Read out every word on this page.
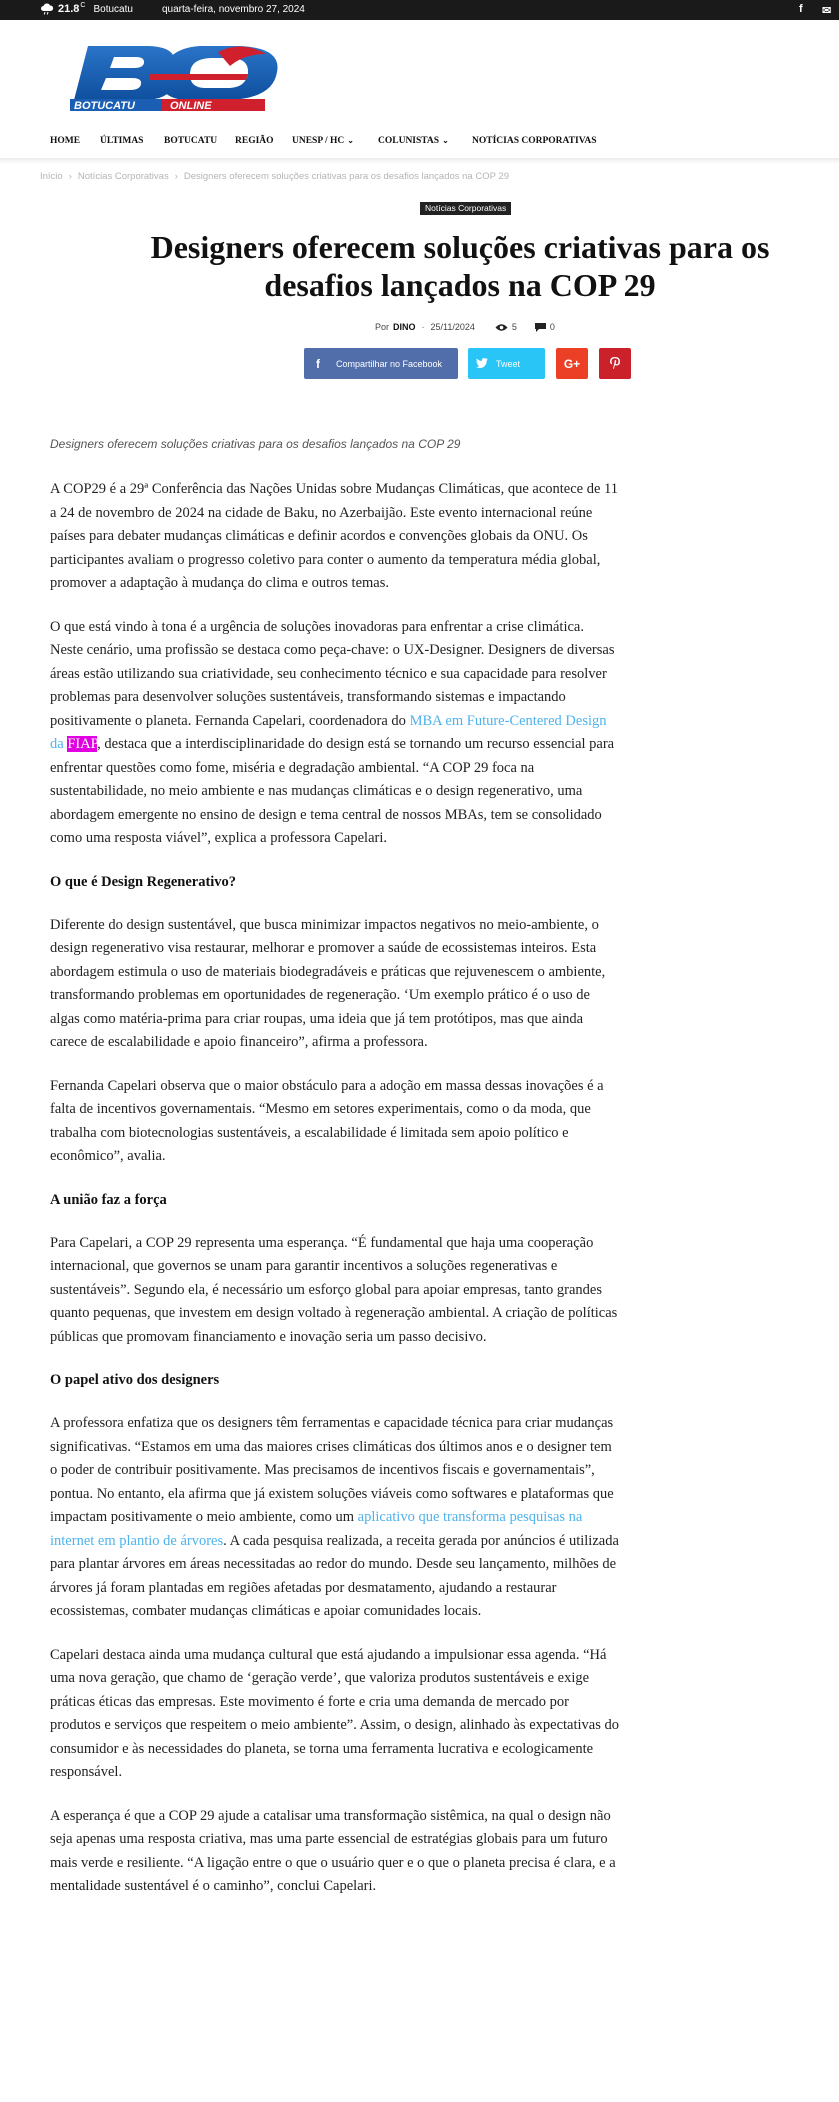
21.8 C Botucatu	quarta-feira, novembro 27, 2024	f ✉
BOTUCATU	ONLINE
HOME ÚLTIMAS BOTUCATU REGIÃO UNESP / HC ⌄	COLUNISTAS ⌄ NOTÍCIAS CORPORATIVAS
Início › Notícias Corporativas › Designers oferecem soluções criativas para os desafios lançados na COP 29
Notícias Corporativas
Designers oferecem soluções criativas para os desafios lançados na COP 29
Por DINO - 25/11/2024	5	0
f	Compartilhar no Facebook	Tweet	G+
Designers oferecem soluções criativas para os desafios lançados na COP 29

A COP29 é a 29ª Conferência das Nações Unidas sobre Mudanças Climáticas, que acontece de 11 a 24 de novembro de 2024 na cidade de Baku, no Azerbaijão. Este evento internacional reúne países para debater mudanças climáticas e definir acordos e convenções globais da ONU. Os participantes avaliam o progresso coletivo para conter o aumento da temperatura média global, promover a adaptação à mudança do clima e outros temas.

O que está vindo à tona é a urgência de soluções inovadoras para enfrentar a crise climática. Neste cenário, uma profissão se destaca como peça-chave: o UX-Designer. Designers de diversas áreas estão utilizando sua criatividade, seu conhecimento técnico e sua capacidade para resolver problemas para desenvolver soluções sustentáveis, transformando sistemas e impactando positivamente o planeta. Fernanda Capelari, coordenadora do MBA em Future-Centered Design da FIAP, destaca que a interdisciplinaridade do design está se tornando um recurso essencial para enfrentar questões como fome, miséria e degradação ambiental. “A COP 29 foca na sustentabilidade, no meio ambiente e nas mudanças climáticas e o design regenerativo, uma abordagem emergente no ensino de design e tema central de nossos MBAs, tem se consolidado como uma resposta viável”, explica a professora Capelari.

O que é Design Regenerativo?

Diferente do design sustentável, que busca minimizar impactos negativos no meio-ambiente, o design regenerativo visa restaurar, melhorar e promover a saúde de ecossistemas inteiros. Esta abordagem estimula o uso de materiais biodegradáveis e práticas que rejuvenescem o ambiente, transformando problemas em oportunidades de regeneração. ‘Um exemplo prático é o uso de algas como matéria-prima para criar roupas, uma ideia que já tem protótipos, mas que ainda carece de escalabilidade e apoio financeiro”, afirma a professora.

Fernanda Capelari observa que o maior obstáculo para a adoção em massa dessas inovações é a falta de incentivos governamentais. “Mesmo em setores experimentais, como o da moda, que trabalha com biotecnologias sustentáveis, a escalabilidade é limitada sem apoio político e econômico”, avalia.

A união faz a força

Para Capelari, a COP 29 representa uma esperança. “É fundamental que haja uma cooperação internacional, que governos se unam para garantir incentivos a soluções regenerativas e sustentáveis”. Segundo ela, é necessário um esforço global para apoiar empresas, tanto grandes quanto pequenas, que investem em design voltado à regeneração ambiental. A criação de políticas públicas que promovam financiamento e inovação seria um passo decisivo.

O papel ativo dos designers

A professora enfatiza que os designers têm ferramentas e capacidade técnica para criar mudanças significativas. “Estamos em uma das maiores crises climáticas dos últimos anos e o designer tem o poder de contribuir positivamente. Mas precisamos de incentivos fiscais e governamentais”, pontua. No entanto, ela afirma que já existem soluções viáveis como softwares e plataformas que impactam positivamente o meio ambiente, como um aplicativo que transforma pesquisas na internet em plantio de árvores. A cada pesquisa realizada, a receita gerada por anúncios é utilizada para plantar árvores em áreas necessitadas ao redor do mundo. Desde seu lançamento, milhões de árvores já foram plantadas em regiões afetadas por desmatamento, ajudando a restaurar ecossistemas, combater mudanças climáticas e apoiar comunidades locais.

Capelari destaca ainda uma mudança cultural que está ajudando a impulsionar essa agenda. “Há uma nova geração, que chamo de ‘geração verde’, que valoriza produtos sustentáveis e exige práticas éticas das empresas. Este movimento é forte e cria uma demanda de mercado por produtos e serviços que respeitem o meio ambiente”. Assim, o design, alinhado às expectativas do consumidor e às necessidades do planeta, se torna uma ferramenta lucrativa e ecologicamente responsável.

A esperança é que a COP 29 ajude a catalisar uma transformação sistêmica, na qual o design não seja apenas uma resposta criativa, mas uma parte essencial de estratégias globais para um futuro mais verde e resiliente. “A ligação entre o que o usuário quer e o que o planeta precisa é clara, e a mentalidade sustentável é o caminho”, conclui Capelari.
